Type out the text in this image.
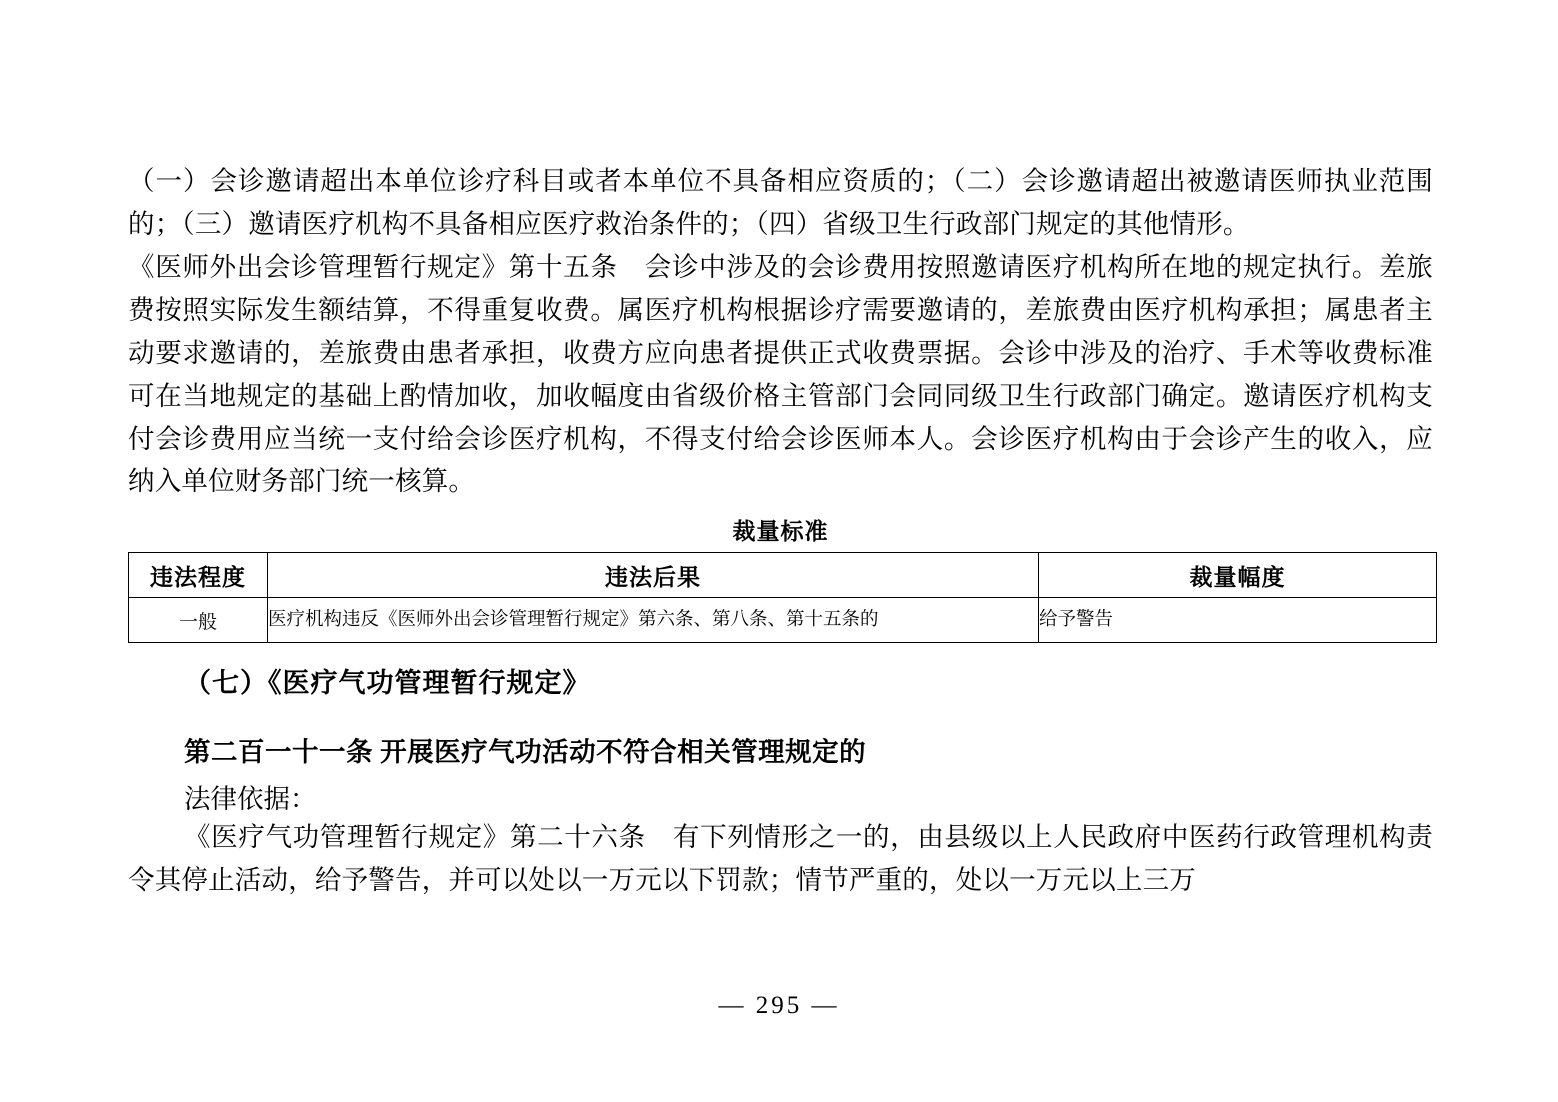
（一）会诊邀请超出本单位诊疗科目或者本单位不具备相应资质的；（二）会诊邀请超出被邀请医师执业范围的；（三）邀请医疗机构不具备相应医疗救治条件的；（四）省级卫生行政部门规定的其他情形。

《医师外出会诊管理暂行规定》第十五条　会诊中涉及的会诊费用按照邀请医疗机构所在地的规定执行。差旅费按照实际发生额结算，不得重复收费。属医疗机构根据诊疗需要邀请的，差旅费由医疗机构承担；属患者主动要求邀请的，差旅费由患者承担，收费方应向患者提供正式收费票据。会诊中涉及的治疗、手术等收费标准可在当地规定的基础上酌情加收，加收幅度由省级价格主管部门会同同级卫生行政部门确定。邀请医疗机构支付会诊费用应当统一支付给会诊医疗机构，不得支付给会诊医师本人。会诊医疗机构由于会诊产生的收入，应纳入单位财务部门统一核算。

裁量标准
违法程度	违法后果	裁量幅度
一般	医疗机构违反《医师外出会诊管理暂行规定》第六条、第八条、第十五条的	给予警告

（七）《医疗气功管理暂行规定》

第二百一十一条 开展医疗气功活动不符合相关管理规定的

法律依据：

《医疗气功管理暂行规定》第二十六条　有下列情形之一的，由县级以上人民政府中医药行政管理机构责令其停止活动，给予警告，并可以处以一万元以下罚款；情节严重的，处以一万元以上三万

— 295 —
